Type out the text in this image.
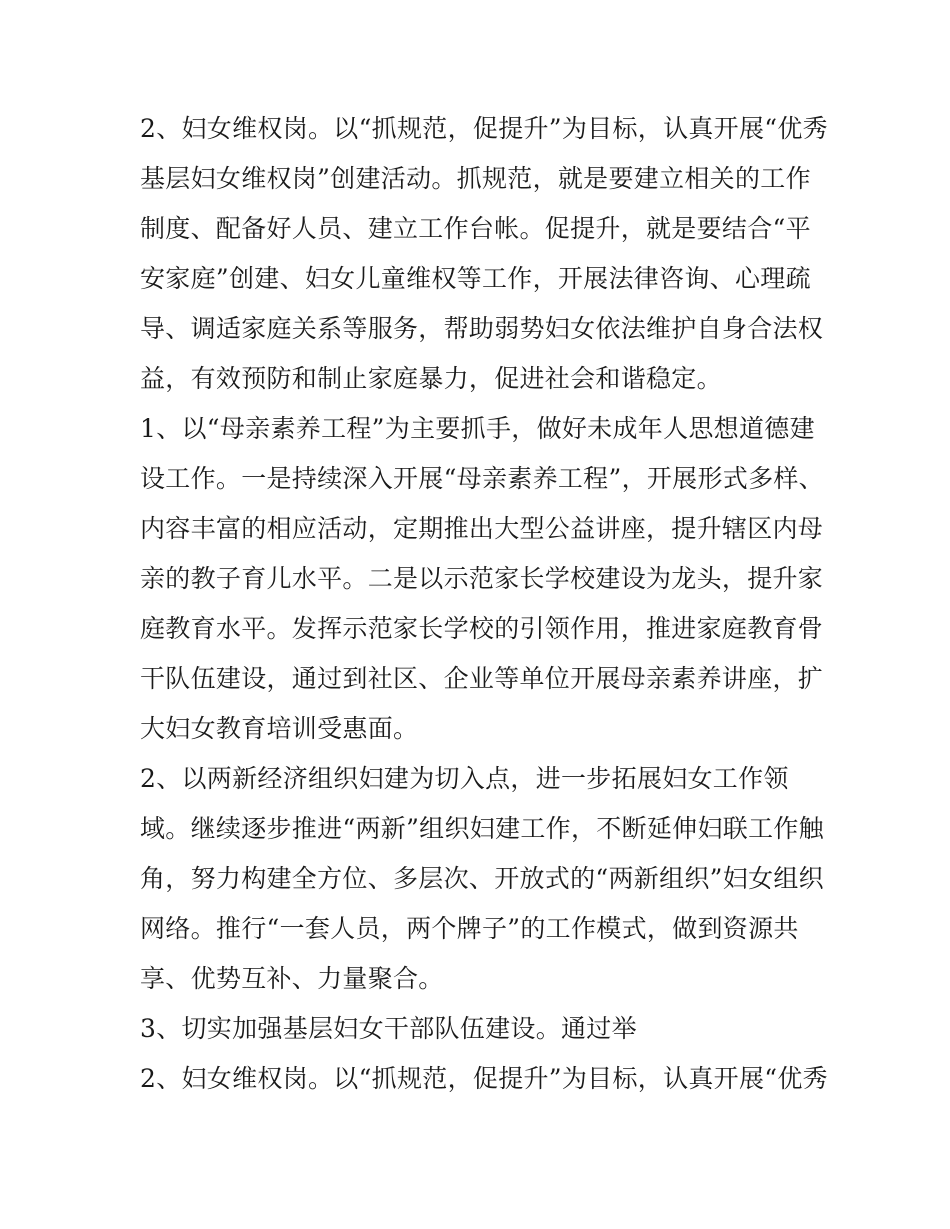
2、妇女维权岗。以“抓规范，促提升”为目标，认真开展“优秀
基层妇女维权岗”创建活动。抓规范，就是要建立相关的工作
制度、配备好人员、建立工作台帐。促提升，就是要结合“平
安家庭”创建、妇女儿童维权等工作，开展法律咨询、心理疏
导、调适家庭关系等服务，帮助弱势妇女依法维护自身合法权
益，有效预防和制止家庭暴力，促进社会和谐稳定。
1、以“母亲素养工程”为主要抓手，做好未成年人思想道德建
设工作。一是持续深入开展“母亲素养工程”，开展形式多样、
内容丰富的相应活动，定期推出大型公益讲座，提升辖区内母
亲的教子育儿水平。二是以示范家长学校建设为龙头，提升家
庭教育水平。发挥示范家长学校的引领作用，推进家庭教育骨
干队伍建设，通过到社区、企业等单位开展母亲素养讲座，扩
大妇女教育培训受惠面。
2、以两新经济组织妇建为切入点，进一步拓展妇女工作领
域。继续逐步推进“两新”组织妇建工作，不断延伸妇联工作触
角，努力构建全方位、多层次、开放式的“两新组织”妇女组织
网络。推行“一套人员，两个牌子”的工作模式，做到资源共
享、优势互补、力量聚合。
3、切实加强基层妇女干部队伍建设。通过举
2、妇女维权岗。以“抓规范，促提升”为目标，认真开展“优秀
